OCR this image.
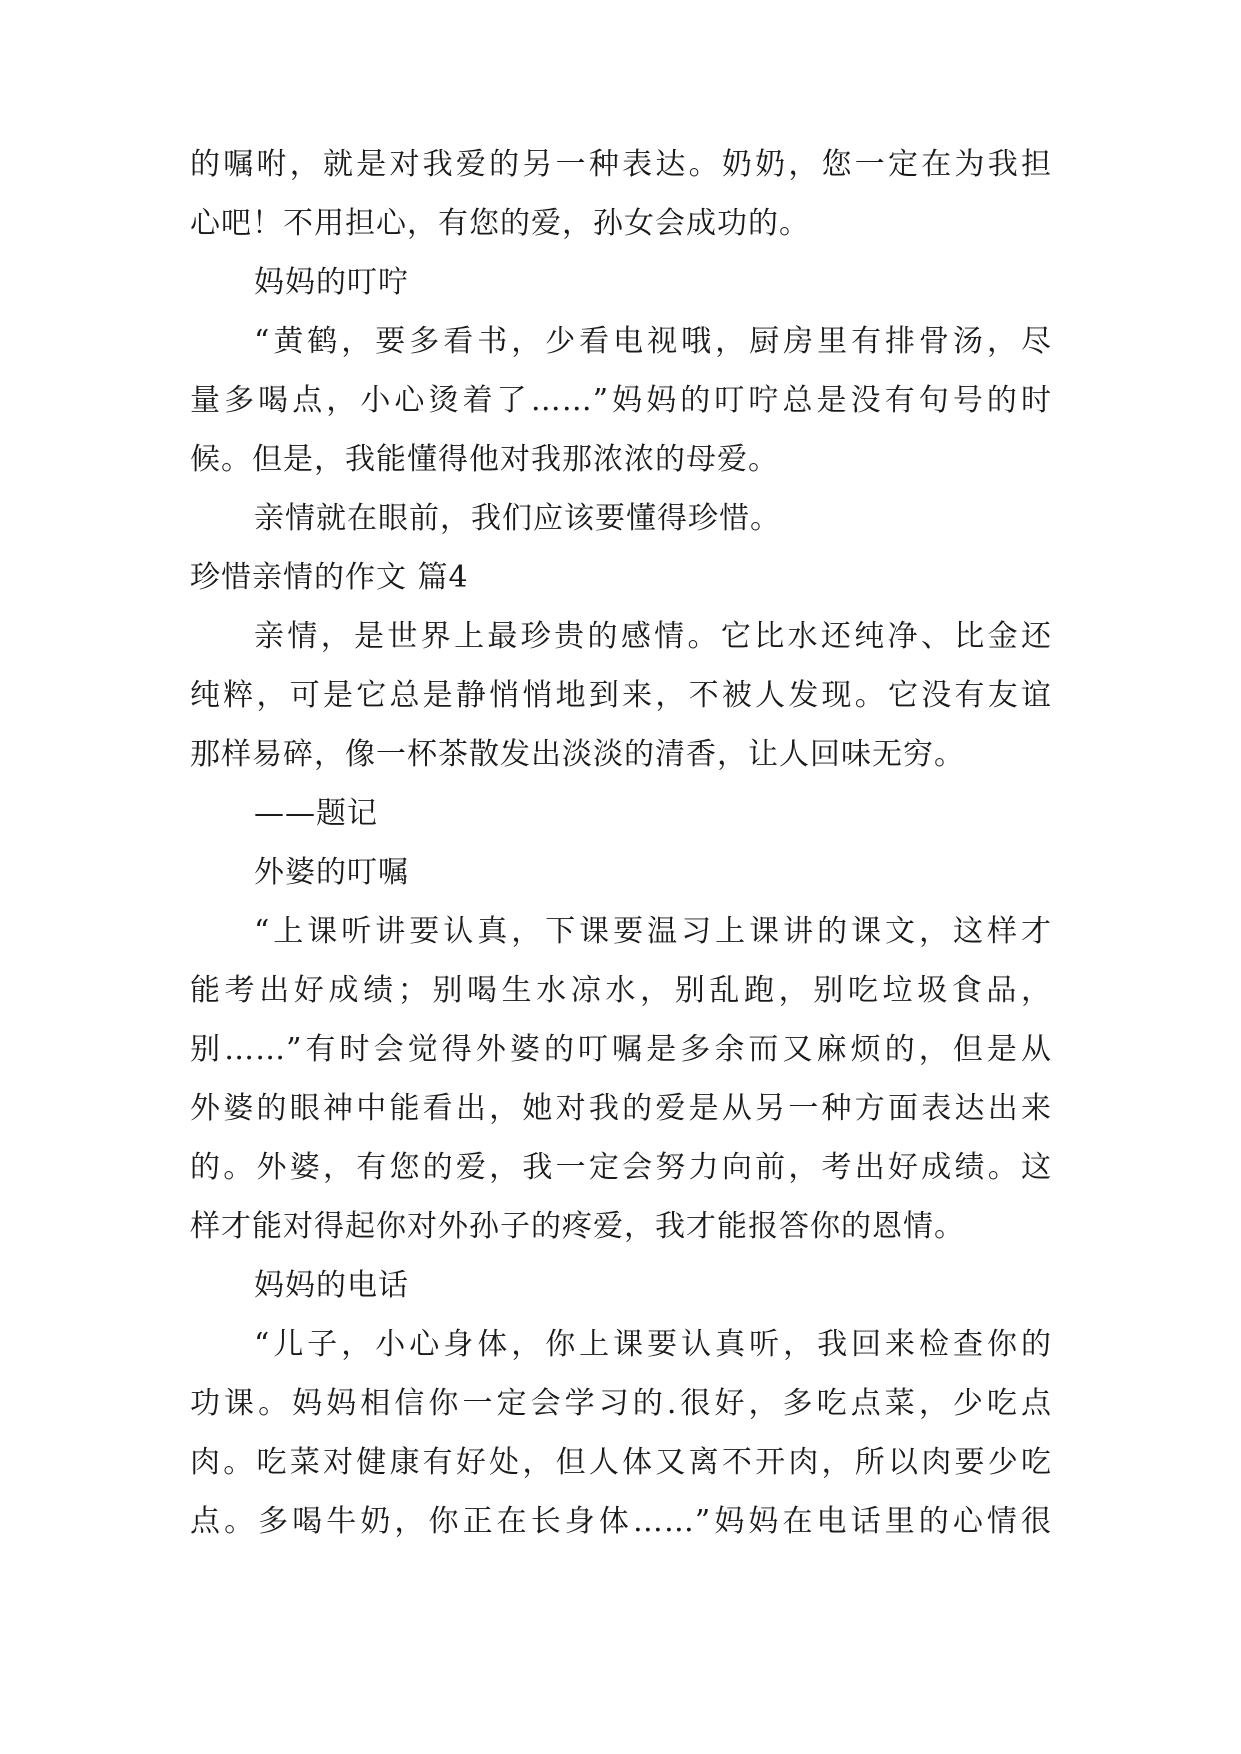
的嘱咐，就是对我爱的另一种表达。奶奶，您一定在为我担
心吧！不用担心，有您的爱，孙女会成功的。
妈妈的叮咛
“黄鹤，要多看书，少看电视哦，厨房里有排骨汤，尽
量多喝点，小心烫着了……”妈妈的叮咛总是没有句号的时
候。但是，我能懂得他对我那浓浓的母爱。
亲情就在眼前，我们应该要懂得珍惜。
珍惜亲情的作文 篇4
亲情，是世界上最珍贵的感情。它比水还纯净、比金还
纯粹，可是它总是静悄悄地到来，不被人发现。它没有友谊
那样易碎，像一杯茶散发出淡淡的清香，让人回味无穷。
——题记
外婆的叮嘱
“上课听讲要认真，下课要温习上课讲的课文，这样才
能考出好成绩；别喝生水凉水，别乱跑，别吃垃圾食品，
别……”有时会觉得外婆的叮嘱是多余而又麻烦的，但是从
外婆的眼神中能看出，她对我的爱是从另一种方面表达出来
的。外婆，有您的爱，我一定会努力向前，考出好成绩。这
样才能对得起你对外孙子的疼爱，我才能报答你的恩情。
妈妈的电话
“儿子，小心身体，你上课要认真听，我回来检查你的
功课。妈妈相信你一定会学习的.很好，多吃点菜，少吃点
肉。吃菜对健康有好处，但人体又离不开肉，所以肉要少吃
点。多喝牛奶，你正在长身体……”妈妈在电话里的心情很
